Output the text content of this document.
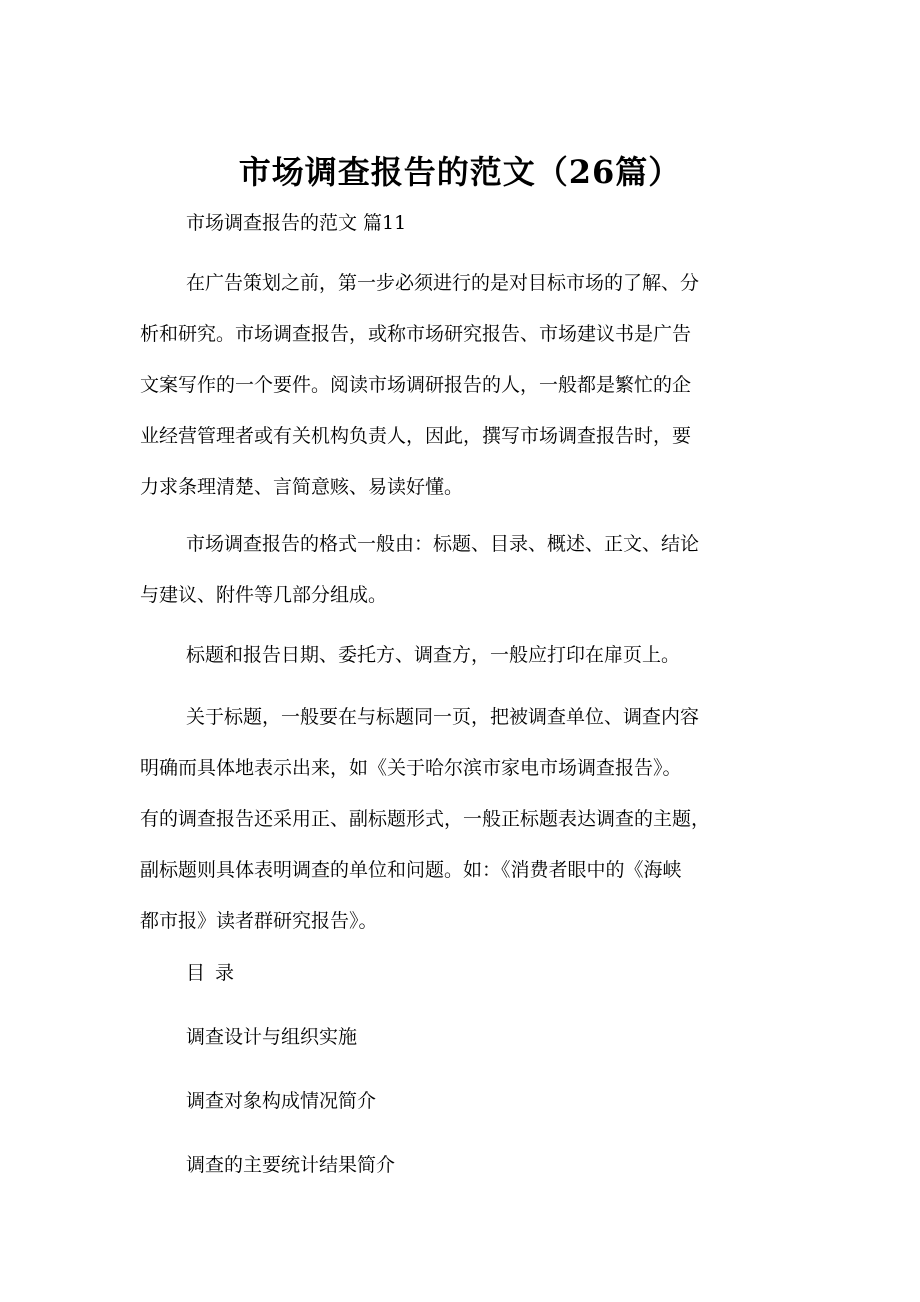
市场调查报告的范文（26篇）
市场调查报告的范文 篇11
在广告策划之前，第一步必须进行的是对目标市场的了解、分
析和研究。市场调查报告，或称市场研究报告、市场建议书是广告
文案写作的一个要件。阅读市场调研报告的人，一般都是繁忙的企
业经营管理者或有关机构负责人，因此，撰写市场调查报告时，要
力求条理清楚、言简意赅、易读好懂。
市场调查报告的格式一般由：标题、目录、概述、正文、结论
与建议、附件等几部分组成。
标题和报告日期、委托方、调查方，一般应打印在扉页上。
关于标题，一般要在与标题同一页，把被调查单位、调查内容
明确而具体地表示出来，如《关于哈尔滨市家电市场调查报告》。
有的调查报告还采用正、副标题形式，一般正标题表达调查的主题，
副标题则具体表明调查的单位和问题。如：《消费者眼中的《海峡
都市报》读者群研究报告》。
目录
调查设计与组织实施
调查对象构成情况简介
调查的主要统计结果简介
